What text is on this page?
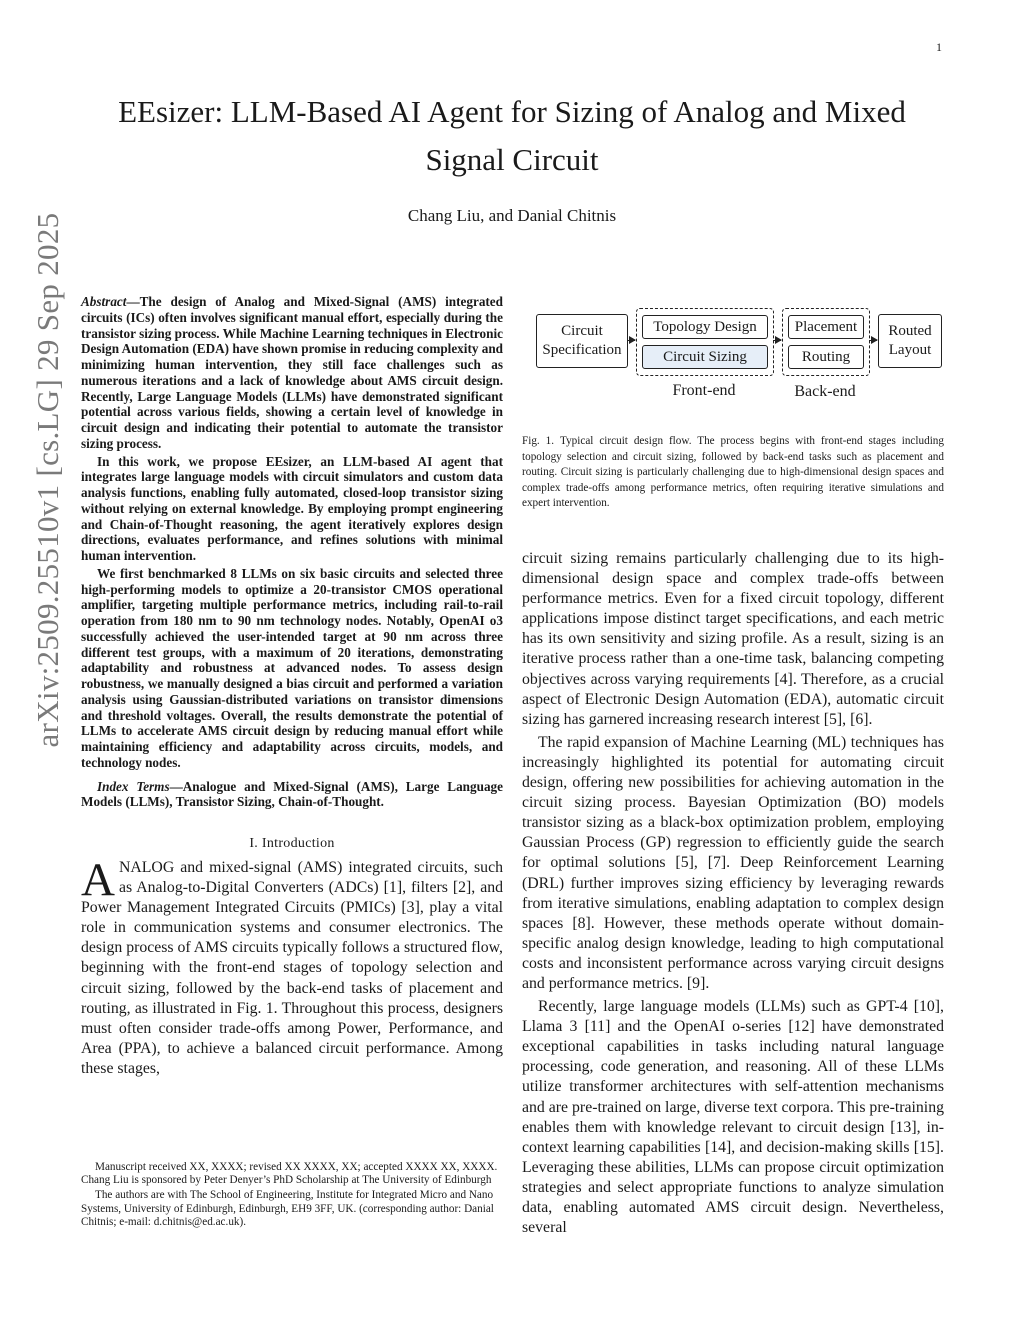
1
arXiv:2509.25510v1 [cs.LG] 29 Sep 2025
EEsizer: LLM-Based AI Agent for Sizing of Analog and Mixed Signal Circuit
Chang Liu, and Danial Chitnis

Abstract—The design of Analog and Mixed-Signal (AMS) integrated circuits (ICs) often involves significant manual effort, especially during the transistor sizing process. While Machine Learning techniques in Electronic Design Automation (EDA) have shown promise in reducing complexity and minimizing human intervention, they still face challenges such as numerous iterations and a lack of knowledge about AMS circuit design. Recently, Large Language Models (LLMs) have demonstrated significant potential across various fields, showing a certain level of knowledge in circuit design and indicating their potential to automate the transistor sizing process.

In this work, we propose EEsizer, an LLM-based AI agent that integrates large language models with circuit simulators and custom data analysis functions, enabling fully automated, closed-loop transistor sizing without relying on external knowledge. By employing prompt engineering and Chain-of-Thought reasoning, the agent iteratively explores design directions, evaluates performance, and refines solutions with minimal human intervention.

We first benchmarked 8 LLMs on six basic circuits and selected three high-performing models to optimize a 20-transistor CMOS operational amplifier, targeting multiple performance metrics, including rail-to-rail operation from 180 nm to 90 nm technology nodes. Notably, OpenAI o3 successfully achieved the user-intended target at 90 nm across three different test groups, with a maximum of 20 iterations, demonstrating adaptability and robustness at advanced nodes. To assess design robustness, we manually designed a bias circuit and performed a variation analysis using Gaussian-distributed variations on transistor dimensions and threshold voltages. Overall, the results demonstrate the potential of LLMs to accelerate AMS circuit design by reducing manual effort while maintaining efficiency and adaptability across circuits, models, and technology nodes.

Index Terms—Analogue and Mixed-Signal (AMS), Large Language Models (LLMs), Transistor Sizing, Chain-of-Thought.

I. Introduction

ANALOG and mixed-signal (AMS) integrated circuits, such as Analog-to-Digital Converters (ADCs) [1], filters [2], and Power Management Integrated Circuits (PMICs) [3], play a vital role in communication systems and consumer electronics. The design process of AMS circuits typically follows a structured flow, beginning with the front-end stages of topology selection and circuit sizing, followed by the back-end tasks of placement and routing, as illustrated in Fig. 1. Throughout this process, designers must often consider trade-offs among Power, Performance, and Area (PPA), to achieve a balanced circuit performance. Among these stages,

Manuscript received XX, XXXX; revised XX XXXX, XX; accepted XXXX XX, XXXX. Chang Liu is sponsored by Peter Denyer’s PhD Scholarship at The University of Edinburgh

The authors are with The School of Engineering, Institute for Integrated Micro and Nano Systems, University of Edinburgh, Edinburgh, EH9 3FF, UK. (corresponding author: Danial Chitnis; e-mail: d.chitnis@ed.ac.uk).

Circuit Specification
Topology Design
Circuit Sizing
Placement
Routing
Routed Layout
Front-end	Back-end

Fig. 1. Typical circuit design flow. The process begins with front-end stages including topology selection and circuit sizing, followed by back-end tasks such as placement and routing. Circuit sizing is particularly challenging due to high-dimensional design spaces and complex trade-offs among performance metrics, often requiring iterative simulations and expert intervention.

circuit sizing remains particularly challenging due to its high-dimensional design space and complex trade-offs between performance metrics. Even for a fixed circuit topology, different applications impose distinct target specifications, and each metric has its own sensitivity and sizing profile. As a result, sizing is an iterative process rather than a one-time task, balancing competing objectives across varying requirements [4]. Therefore, as a crucial aspect of Electronic Design Automation (EDA), automatic circuit sizing has garnered increasing research interest [5], [6].

The rapid expansion of Machine Learning (ML) techniques has increasingly highlighted its potential for automating circuit design, offering new possibilities for achieving automation in the circuit sizing process. Bayesian Optimization (BO) models transistor sizing as a black-box optimization problem, employing Gaussian Process (GP) regression to efficiently guide the search for optimal solutions [5], [7]. Deep Reinforcement Learning (DRL) further improves sizing efficiency by leveraging rewards from iterative simulations, enabling adaptation to complex design spaces [8]. However, these methods operate without domain-specific analog design knowledge, leading to high computational costs and inconsistent performance across varying circuit designs and performance metrics. [9].

Recently, large language models (LLMs) such as GPT-4 [10], Llama 3 [11] and the OpenAI o-series [12] have demonstrated exceptional capabilities in tasks including natural language processing, code generation, and reasoning. All of these LLMs utilize transformer architectures with self-attention mechanisms and are pre-trained on large, diverse text corpora. This pre-training enables them with knowledge relevant to circuit design [13], in-context learning capabilities [14], and decision-making skills [15]. Leveraging these abilities, LLMs can propose circuit optimization strategies and select appropriate functions to analyze simulation data, enabling automated AMS circuit design. Nevertheless, several
